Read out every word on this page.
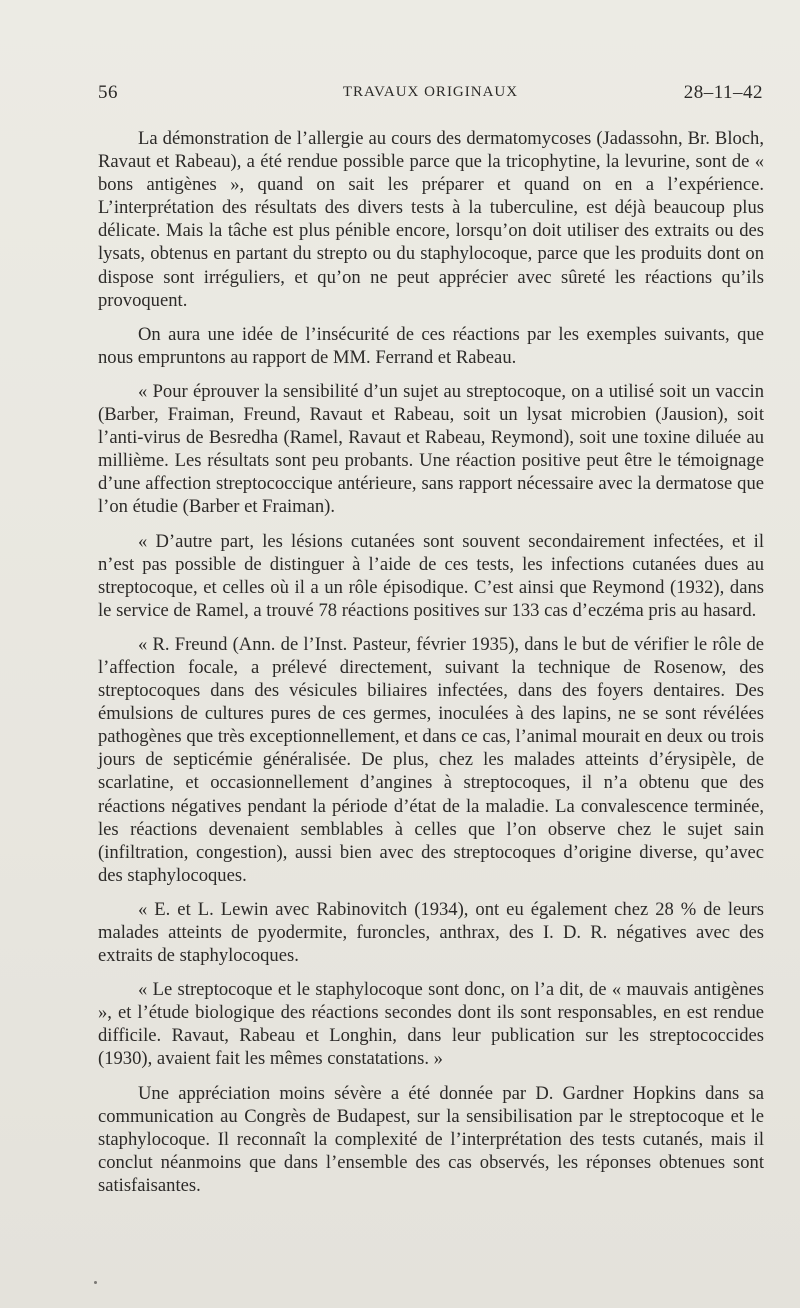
56	TRAVAUX ORIGINAUX	28–11–42

La démonstration de l’allergie au cours des dermatomycoses (Jadassohn, Br. Bloch, Ravaut et Rabeau), a été rendue possible parce que la tricophytine, la levurine, sont de « bons antigènes », quand on sait les préparer et quand on en a l’expérience. L’interprétation des résultats des divers tests à la tuberculine, est déjà beaucoup plus délicate. Mais la tâche est plus pénible encore, lorsqu’on doit utiliser des extraits ou des lysats, obtenus en partant du strepto ou du staphylocoque, parce que les produits dont on dispose sont irréguliers, et qu’on ne peut apprécier avec sûreté les réactions qu’ils provoquent.

On aura une idée de l’insécurité de ces réactions par les exemples suivants, que nous empruntons au rapport de MM. Ferrand et Rabeau.

« Pour éprouver la sensibilité d’un sujet au streptocoque, on a utilisé soit un vaccin (Barber, Fraiman, Freund, Ravaut et Rabeau, soit un lysat microbien (Jausion), soit l’anti-virus de Besredha (Ramel, Ravaut et Rabeau, Reymond), soit une toxine diluée au millième. Les résultats sont peu probants. Une réaction positive peut être le témoignage d’une affection streptococcique antérieure, sans rapport nécessaire avec la dermatose que l’on étudie (Barber et Fraiman).

« D’autre part, les lésions cutanées sont souvent secondairement infectées, et il n’est pas possible de distinguer à l’aide de ces tests, les infections cutanées dues au streptocoque, et celles où il a un rôle épisodique. C’est ainsi que Reymond (1932), dans le service de Ramel, a trouvé 78 réactions positives sur 133 cas d’eczéma pris au hasard.

« R. Freund (Ann. de l’Inst. Pasteur, février 1935), dans le but de vérifier le rôle de l’affection focale, a prélevé directement, suivant la technique de Rosenow, des streptocoques dans des vésicules biliaires infectées, dans des foyers dentaires. Des émulsions de cultures pures de ces germes, inoculées à des lapins, ne se sont révélées pathogènes que très exceptionnellement, et dans ce cas, l’animal mourait en deux ou trois jours de septicémie généralisée. De plus, chez les malades atteints d’érysipèle, de scarlatine, et occasionnellement d’angines à streptocoques, il n’a obtenu que des réactions négatives pendant la période d’état de la maladie. La convalescence terminée, les réactions devenaient semblables à celles que l’on observe chez le sujet sain (infiltration, congestion), aussi bien avec des streptocoques d’origine diverse, qu’avec des staphylocoques.

« E. et L. Lewin avec Rabinovitch (1934), ont eu également chez 28 % de leurs malades atteints de pyodermite, furoncles, anthrax, des I. D. R. négatives avec des extraits de staphylocoques.

« Le streptocoque et le staphylocoque sont donc, on l’a dit, de « mauvais antigènes », et l’étude biologique des réactions secondes dont ils sont responsables, en est rendue difficile. Ravaut, Rabeau et Longhin, dans leur publication sur les streptococcides (1930), avaient fait les mêmes constatations. »

Une appréciation moins sévère a été donnée par D. Gardner Hopkins dans sa communication au Congrès de Budapest, sur la sensibilisation par le streptocoque et le staphylocoque. Il reconnaît la complexité de l’interprétation des tests cutanés, mais il conclut néanmoins que dans l’ensemble des cas observés, les réponses obtenues sont satisfaisantes.
